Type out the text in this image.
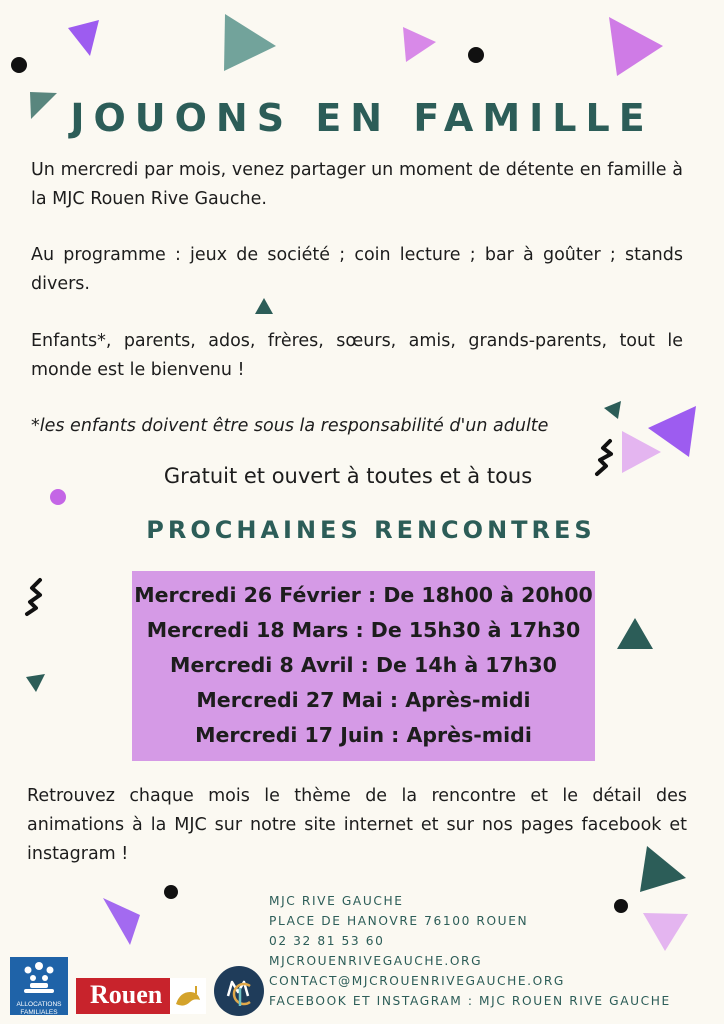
JOUONS EN FAMILLE
Un mercredi par mois, venez partager un moment de détente en famille à la MJC Rouen Rive Gauche.
Au programme : jeux de société ; coin lecture ; bar à goûter ; stands divers.
Enfants*, parents, ados, frères, sœurs, amis, grands-parents, tout le monde est le bienvenu !
*les enfants doivent être sous la responsabilité d'un adulte
Gratuit et ouvert à toutes et à tous
PROCHAINES RENCONTRES
Mercredi 26 Février : De 18h00 à 20h00
Mercredi 18 Mars : De 15h30 à 17h30
Mercredi 8 Avril : De 14h à 17h30
Mercredi 27 Mai : Après-midi
Mercredi 17 Juin : Après-midi
Retrouvez chaque mois le thème de la rencontre et le détail des animations à la MJC sur notre site internet et sur nos pages facebook et instagram !
MJC RIVE GAUCHE
PLACE DE HANOVRE 76100 ROUEN
02 32 81 53 60
MJCROUENRIVEGAUCHE.ORG
CONTACT@MJCROUENRIVEGAUCHE.ORG
FACEBOOK ET INSTAGRAM : MJC ROUEN RIVE GAUCHE
ALLOCATIONS
FAMILIALES
Rouen
